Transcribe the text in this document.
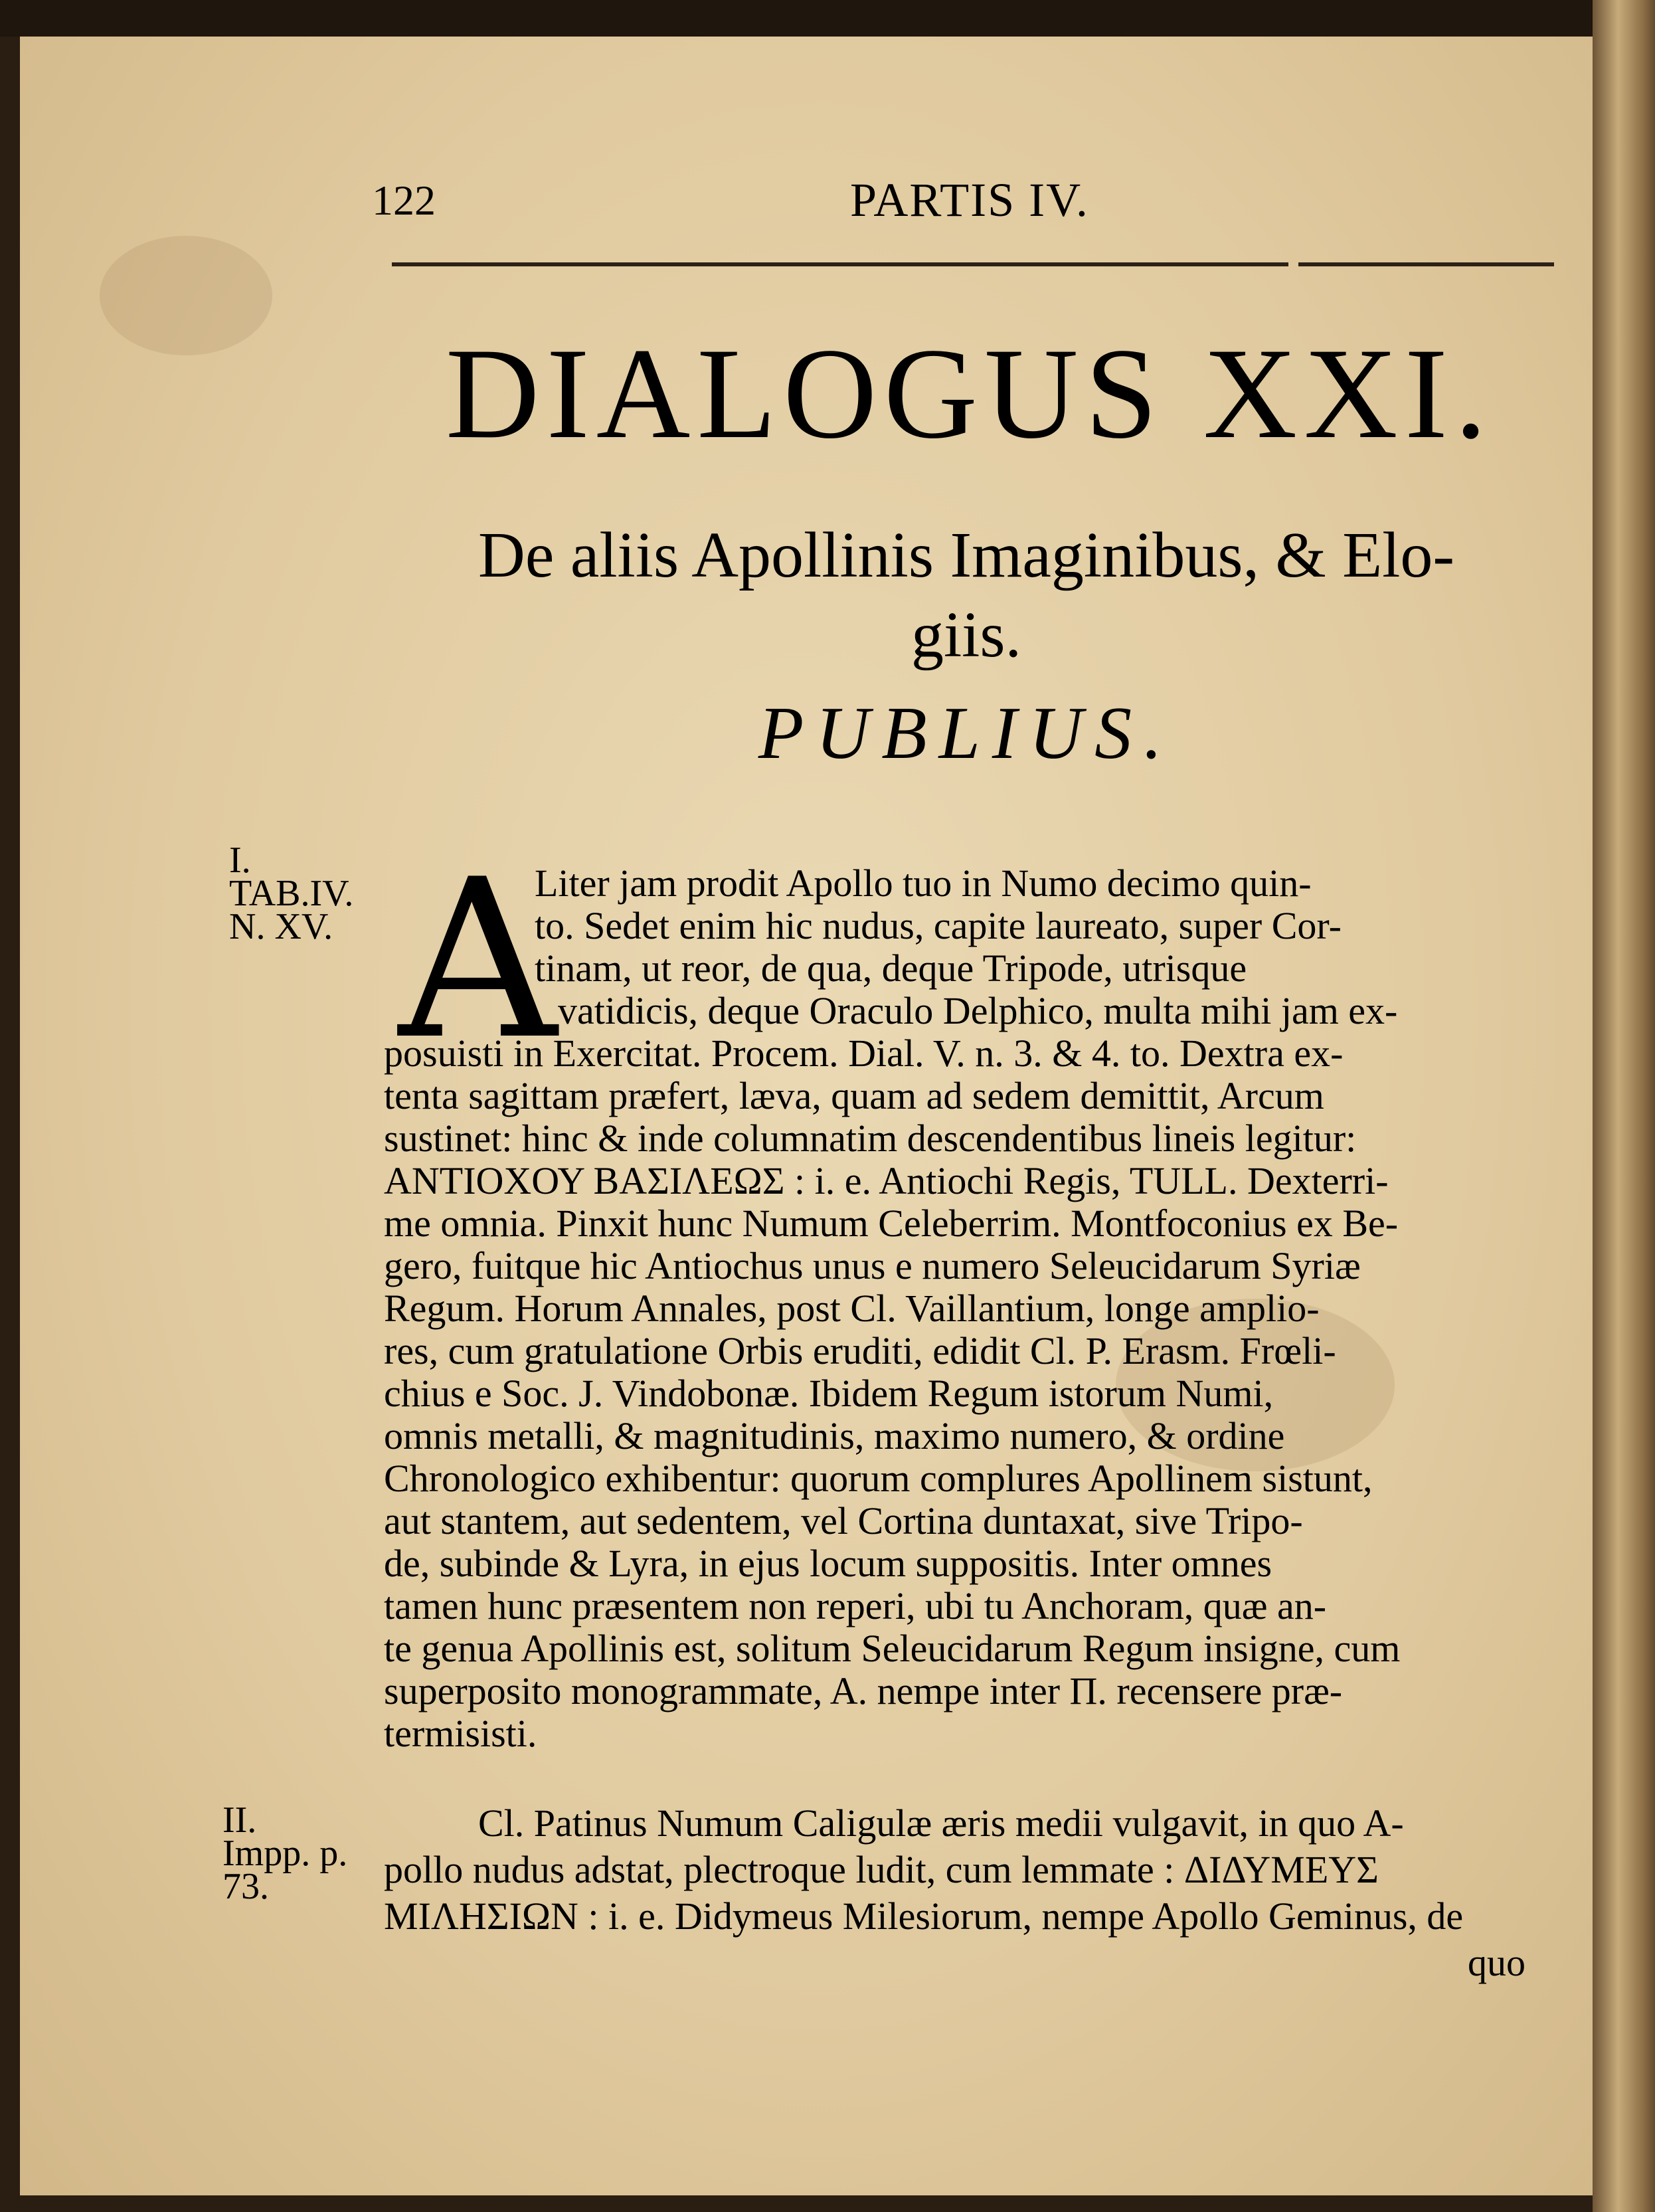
122	PARTIS IV.
DIALOGUS XXI.
De aliis Apollinis Imaginibus, & Elo-
giis.
PUBLIUS.
I.
TAB.IV.
N. XV.
II.
Impp. p.
73.
A
Liter jam prodit Apollo tuo in Numo decimo quin-
to. Sedet enim hic nudus, capite laureato, super Cor-
tinam, ut reor, de qua, deque Tripode, utrisque
vatidicis, deque Oraculo Delphico, multa mihi jam ex-
posuisti in Exercitat. Procem. Dial. V. n. 3. & 4. to. Dextra ex-
tenta sagittam præfert, læva, quam ad sedem demittit, Arcum
sustinet: hinc & inde columnatim descendentibus lineis legitur:
ΑΝΤΙΟΧΟΥ ΒΑΣΙΛΕΩΣ : i. e. Antiochi Regis, TULL. Dexterri-
me omnia. Pinxit hunc Numum Celeberrim. Montfoconius ex Be-
gero, fuitque hic Antiochus unus e numero Seleucidarum Syriæ
Regum. Horum Annales, post Cl. Vaillantium, longe amplio-
res, cum gratulatione Orbis eruditi, edidit Cl. P. Erasm. Frœli-
chius e Soc. J. Vindobonæ. Ibidem Regum istorum Numi,
omnis metalli, & magnitudinis, maximo numero, & ordine
Chronologico exhibentur: quorum complures Apollinem sistunt,
aut stantem, aut sedentem, vel Cortina duntaxat, sive Tripo-
de, subinde & Lyra, in ejus locum suppositis. Inter omnes
tamen hunc præsentem non reperi, ubi tu Anchoram, quæ an-
te genua Apollinis est, solitum Seleucidarum Regum insigne, cum
superposito monogrammate, A. nempe inter Π. recensere præ-
termisisti.
Cl. Patinus Numum Caligulæ æris medii vulgavit, in quo A-
pollo nudus adstat, plectroque ludit, cum lemmate : ΔΙΔΥΜΕΥΣ
ΜΙΛΗΣΙΩΝ : i. e. Didymeus Milesiorum, nempe Apollo Geminus, de
quo
